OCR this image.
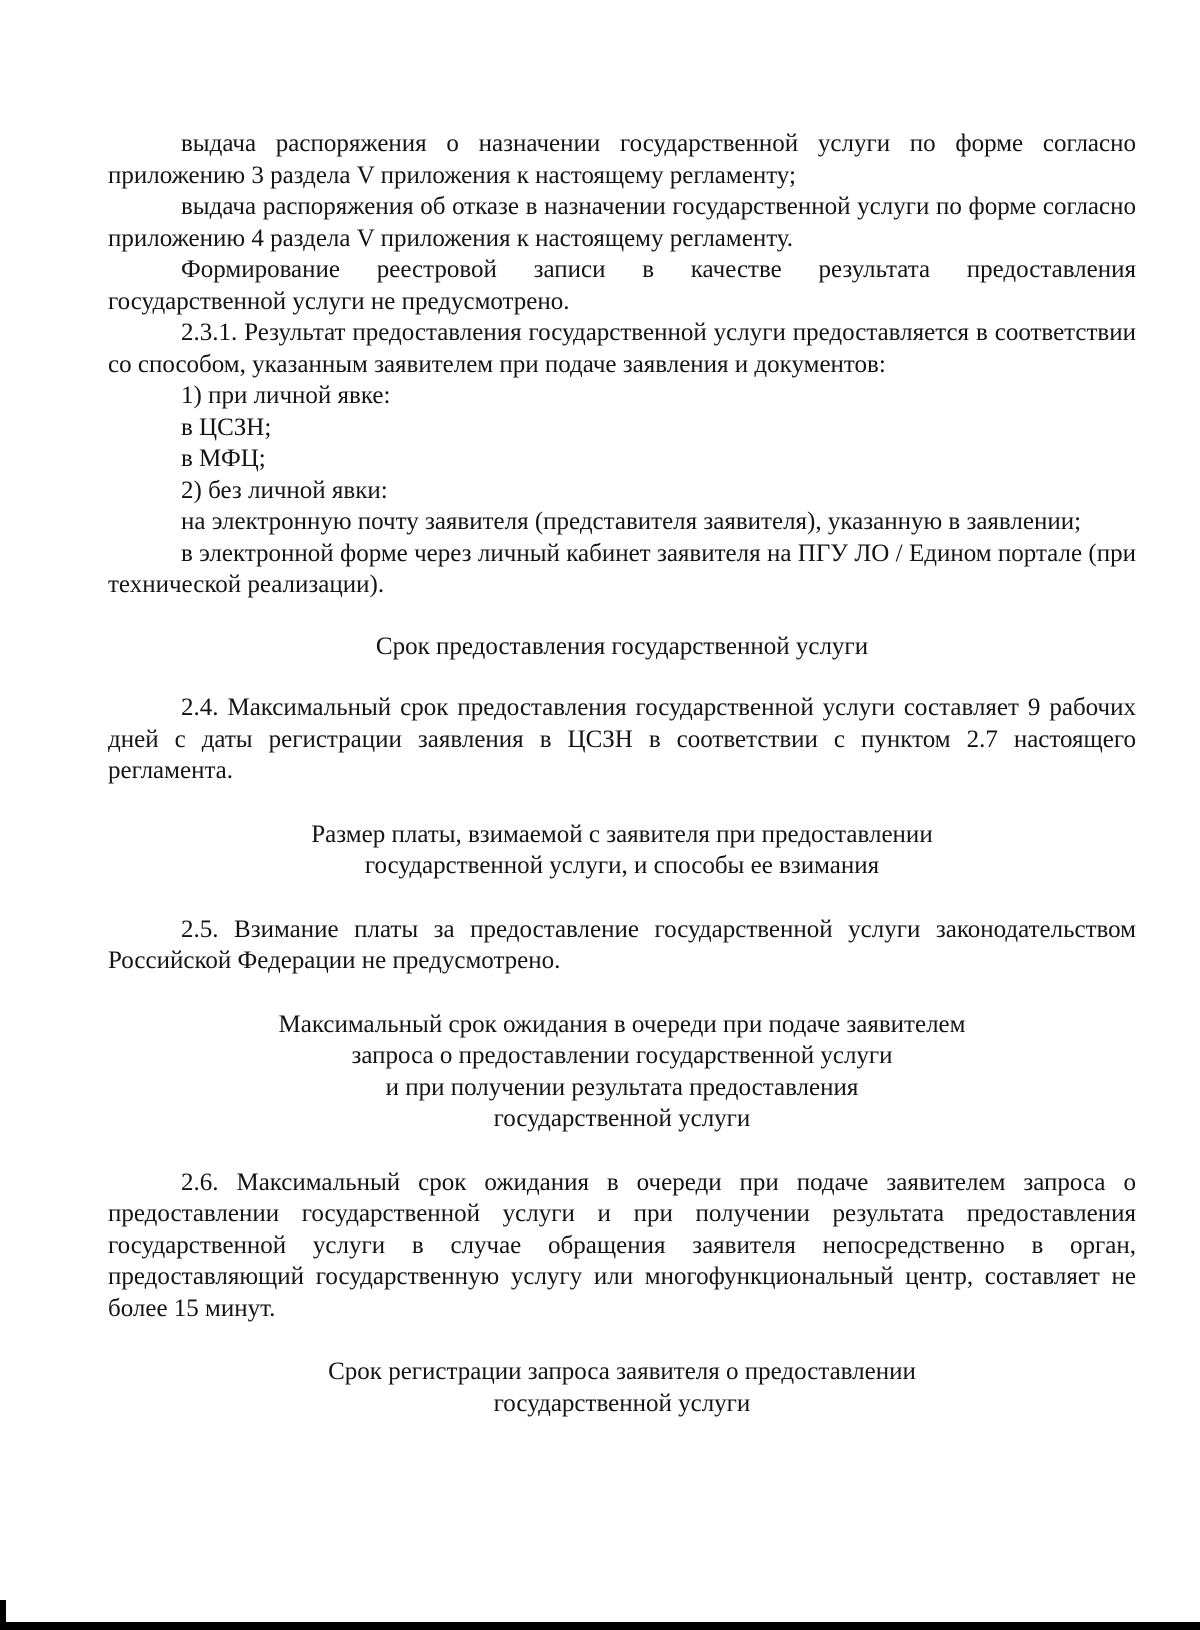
выдача распоряжения о назначении государственной услуги по форме согласно приложению 3 раздела V приложения к настоящему регламенту;

выдача распоряжения об отказе в назначении государственной услуги по форме согласно приложению 4 раздела V приложения к настоящему регламенту.

Формирование реестровой записи в качестве результата предоставления государственной услуги не предусмотрено.

2.3.1. Результат предоставления государственной услуги предоставляется в соответствии со способом, указанным заявителем при подаче заявления и документов:

1) при личной явке:

в ЦСЗН;

в МФЦ;

2) без личной явки:

на электронную почту заявителя (представителя заявителя), указанную в заявлении;

в электронной форме через личный кабинет заявителя на ПГУ ЛО / Едином портале (при технической реализации).

Срок предоставления государственной услуги

2.4. Максимальный срок предоставления государственной услуги составляет 9 рабочих дней с даты регистрации заявления в ЦСЗН в соответствии с пунктом 2.7 настоящего регламента.

Размер платы, взимаемой с заявителя при предоставлении

государственной услуги, и способы ее взимания

2.5. Взимание платы за предоставление государственной услуги законодательством Российской Федерации не предусмотрено.

Максимальный срок ожидания в очереди при подаче заявителем

запроса о предоставлении государственной услуги

и при получении результата предоставления

государственной услуги

2.6. Максимальный срок ожидания в очереди при подаче заявителем запроса о предоставлении государственной услуги и при получении результата предоставления государственной услуги в случае обращения заявителя непосредственно в орган, предоставляющий государственную услугу или многофункциональный центр, составляет не более 15 минут.

Срок регистрации запроса заявителя о предоставлении

государственной услуги
